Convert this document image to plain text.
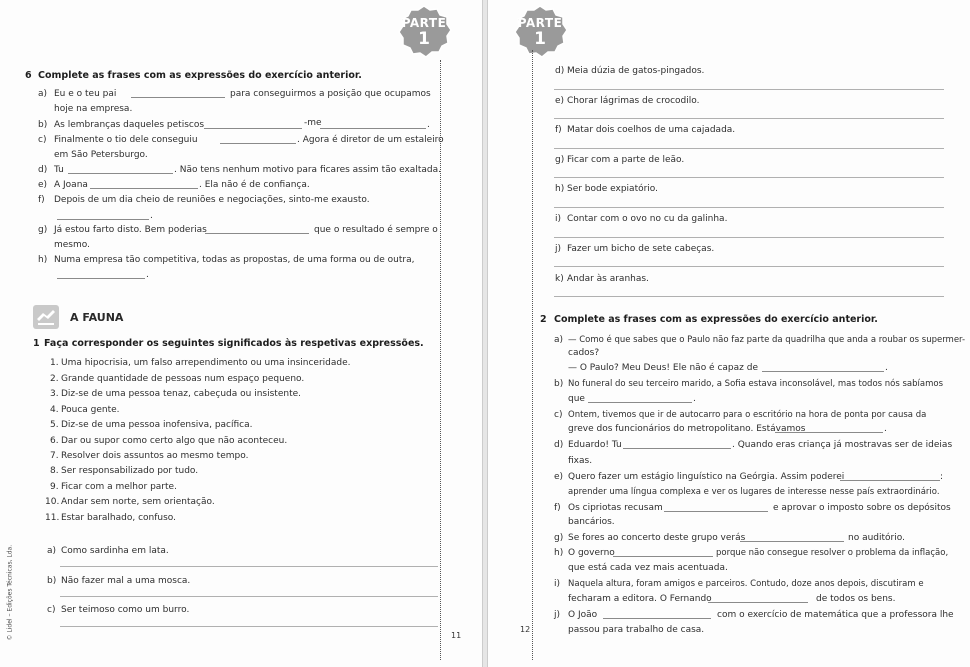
PARTE
1
6 Complete as frases com as expressões do exercício anterior.
a) Eu e o teu pai	para conseguirmos a posição que ocupamos
hoje na empresa.
b) As lembranças daqueles petiscos	-me	.
c) Finalmente o tio dele conseguiu	. Agora é diretor de um estaleiro
em São Petersburgo.
d) Tu	. Não tens nenhum motivo para ficares assim tão exaltada.
e) A Joana	. Ela não é de confiança.
f) Depois de um dia cheio de reuniões e negociações, sinto-me exausto.
.
g) Já estou farto disto. Bem poderias	que o resultado é sempre o
mesmo.
h) Numa empresa tão competitiva, todas as propostas, de uma forma ou de outra,
.
A FAUNA
1 Faça corresponder os seguintes significados às respetivas expressões.
1. Uma hipocrisia, um falso arrependimento ou uma insinceridade.
2. Grande quantidade de pessoas num espaço pequeno.
3. Diz-se de uma pessoa tenaz, cabeçuda ou insistente.
4. Pouca gente.
5. Diz-se de uma pessoa inofensiva, pacífica.
6. Dar ou supor como certo algo que não aconteceu.
7. Resolver dois assuntos ao mesmo tempo.
8. Ser responsabilizado por tudo.
9. Ficar com a melhor parte.
10. Andar sem norte, sem orientação.
11. Estar baralhado, confuso.
a) Como sardinha em lata.
b) Não fazer mal a uma mosca.
c) Ser teimoso como um burro.
© Lidel – Edições Técnicas, Lda.	11
PARTE
1
d) Meia dúzia de gatos-pingados.
e) Chorar lágrimas de crocodilo.
f) Matar dois coelhos de uma cajadada.
g) Ficar com a parte de leão.
h) Ser bode expiatório.
i) Contar com o ovo no cu da galinha.
j) Fazer um bicho de sete cabeças.
k) Andar às aranhas.
2 Complete as frases com as expressões do exercício anterior.
a) — Como é que sabes que o Paulo não faz parte da quadrilha que anda a roubar os supermer-
cados?
— O Paulo? Meu Deus! Ele não é capaz de	.
b) No funeral do seu terceiro marido, a Sofia estava inconsolável, mas todos nós sabíamos
que	.
c) Ontem, tivemos que ir de autocarro para o escritório na hora de ponta por causa da
greve dos funcionários do metropolitano. Estávamos	.
d) Eduardo! Tu	. Quando eras criança já mostravas ser de ideias
fixas.
e) Quero fazer um estágio linguístico na Geórgia. Assim poderei	:
aprender uma língua complexa e ver os lugares de interesse nesse país extraordinário.
f) Os cipriotas recusam	e aprovar o imposto sobre os depósitos
bancários.
g) Se fores ao concerto deste grupo verás	no auditório.
h) O governo	porque não consegue resolver o problema da inflação,
que está cada vez mais acentuada.
i) Naquela altura, foram amigos e parceiros. Contudo, doze anos depois, discutiram e
fecharam a editora. O Fernando	de todos os bens.
j) O João	com o exercício de matemática que a professora lhe
passou para trabalho de casa.
12
